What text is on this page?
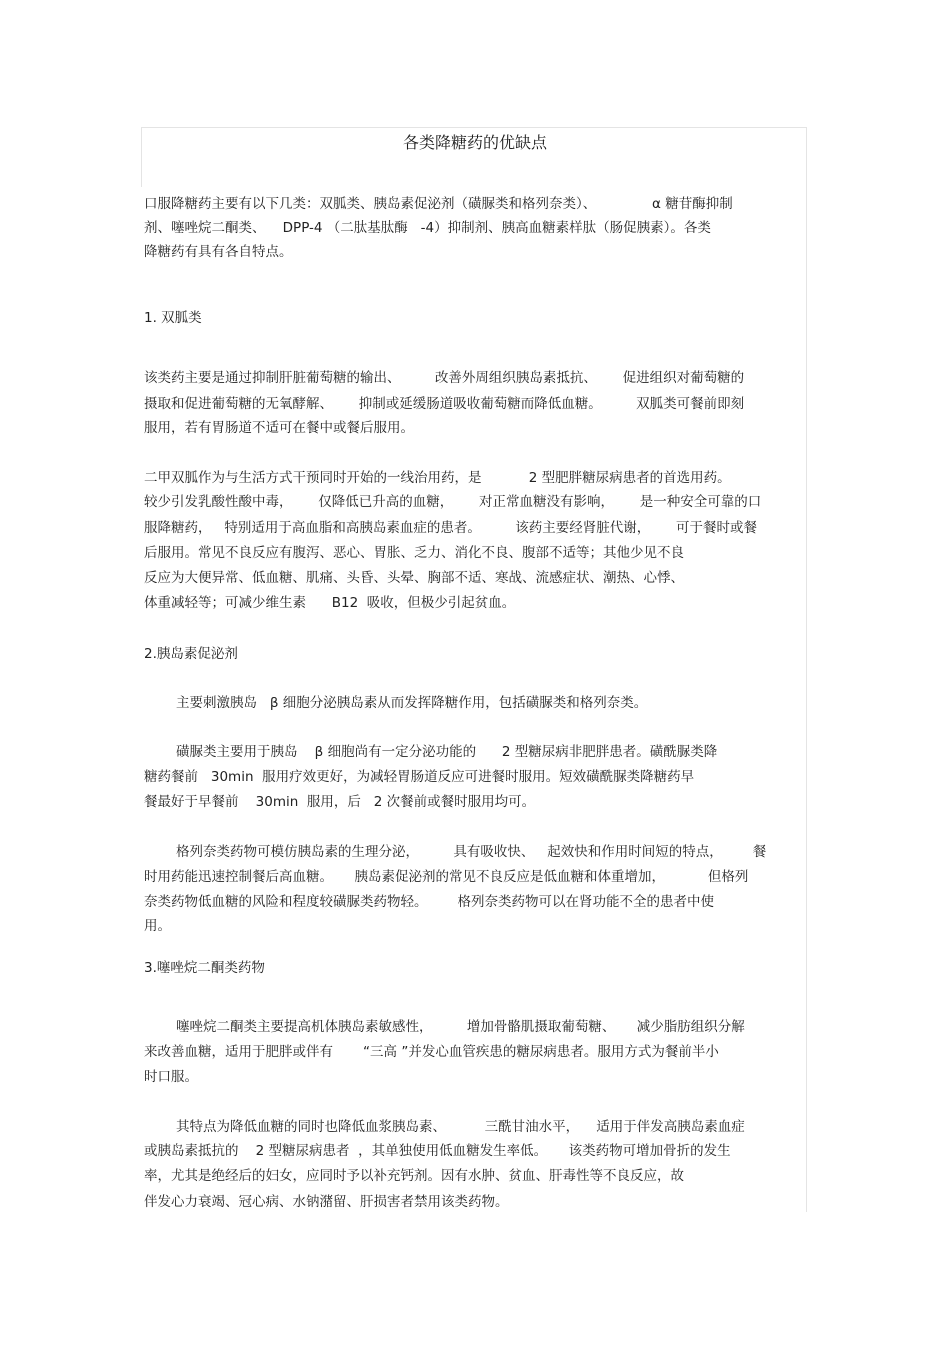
各类降糖药的优缺点
口服降糖药主要有以下几类：双胍类、胰岛素促泌剂（磺脲类和格列奈类）、             α 糖苷酶抑制
剂、噻唑烷二酮类、    DPP-4 （二肽基肽酶   -4）抑制剂、胰高血糖素样肽（肠促胰素）。各类
降糖药有具有各自特点。
1. 双胍类
该类药主要是通过抑制肝脏葡萄糖的输出、        改善外周组织胰岛素抵抗、      促进组织对葡萄糖的
摄取和促进葡萄糖的无氧酵解、      抑制或延缓肠道吸收葡萄糖而降低血糖。        双胍类可餐前即刻
服用，若有胃肠道不适可在餐中或餐后服用。
二甲双胍作为与生活方式干预同时开始的一线治用药，是           2 型肥胖糖尿病患者的首选用药。
较少引发乳酸性酸中毒，      仅降低已升高的血糖，      对正常血糖没有影响，      是一种安全可靠的口
服降糖药，   特别适用于高血脂和高胰岛素血症的患者。        该药主要经肾脏代谢，      可于餐时或餐
后服用。常见不良反应有腹泻、恶心、胃胀、乏力、消化不良、腹部不适等；其他少见不良
反应为大便异常、低血糖、肌痛、头昏、头晕、胸部不适、寒战、流感症状、潮热、心悸、
体重减轻等；可减少维生素      B12  吸收，但极少引起贫血。
2.胰岛素促泌剂
主要刺激胰岛   β 细胞分泌胰岛素从而发挥降糖作用，包括磺脲类和格列奈类。
磺脲类主要用于胰岛    β 细胞尚有一定分泌功能的      2 型糖尿病非肥胖患者。磺酰脲类降
糖药餐前   30min  服用疗效更好，为减轻胃肠道反应可进餐时服用。短效磺酰脲类降糖药早
餐最好于早餐前    30min  服用，后   2 次餐前或餐时服用均可。
格列奈类药物可模仿胰岛素的生理分泌，        具有吸收快、   起效快和作用时间短的特点，       餐
时用药能迅速控制餐后高血糖。     胰岛素促泌剂的常见不良反应是低血糖和体重增加，          但格列
奈类药物低血糖的风险和程度较磺脲类药物轻。       格列奈类药物可以在肾功能不全的患者中使
用。
3.噻唑烷二酮类药物
噻唑烷二酮类主要提高机体胰岛素敏感性，        增加骨骼肌摄取葡萄糖、     减少脂肪组织分解
来改善血糖，适用于肥胖或伴有       “三高 ”并发心血管疾患的糖尿病患者。服用方式为餐前半小
时口服。
其特点为降低血糖的同时也降低血浆胰岛素、         三酰甘油水平，    适用于伴发高胰岛素血症
或胰岛素抵抗的    2 型糖尿病患者  ，其单独使用低血糖发生率低。     该类药物可增加骨折的发生
率，尤其是绝经后的妇女，应同时予以补充钙剂。因有水肿、贫血、肝毒性等不良反应，故
伴发心力衰竭、冠心病、水钠潴留、肝损害者禁用该类药物。
